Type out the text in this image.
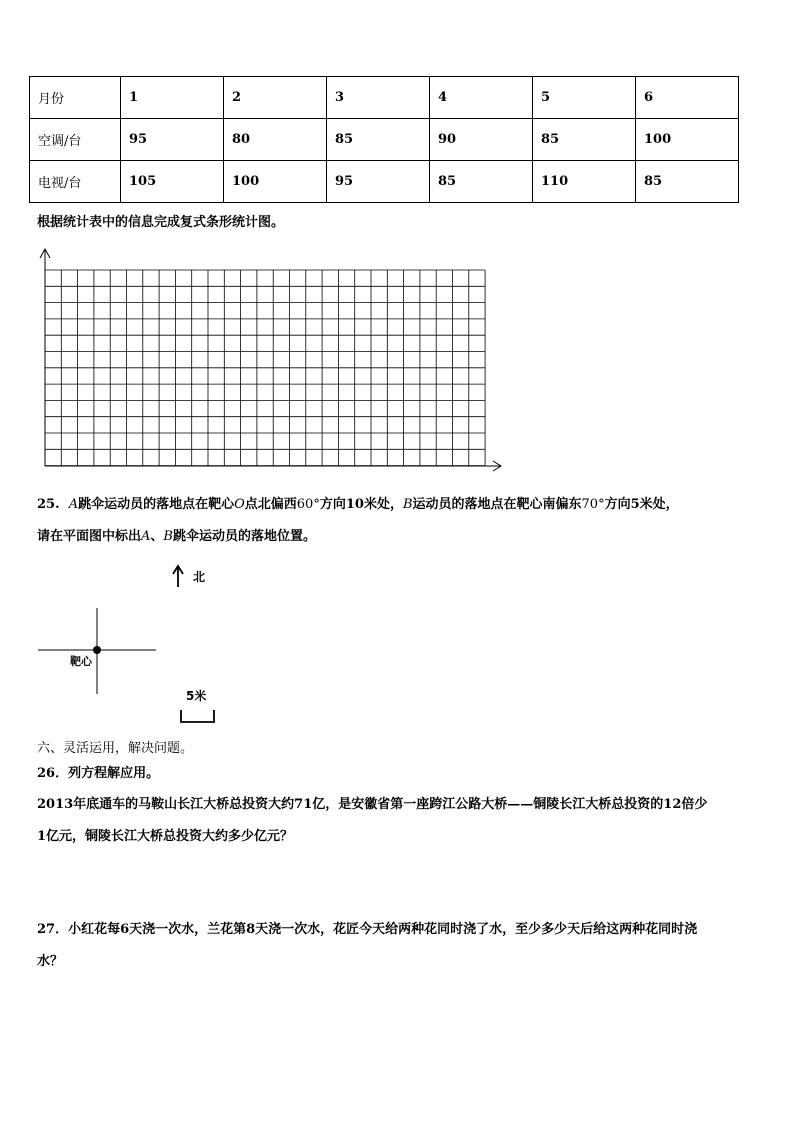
月份	1	2	3	4	5	6
空调/台	95	80	85	90	85	100
电视/台	105	100	95	85	110	85
根据统计表中的信息完成复式条形统计图。
25. A跳伞运动员的落地点在靶心O点北偏西60°方向10米处，B运动员的落地点在靶心南偏东70°方向5米处，
请在平面图中标出A、B跳伞运动员的落地位置。
北
靶心
5米
六、灵活运用，解决问题。
26．列方程解应用。
2013年底通车的马鞍山长江大桥总投资大约71亿，是安徽省第一座跨江公路大桥——铜陵长江大桥总投资的12倍少
1亿元，铜陵长江大桥总投资大约多少亿元？
27．小红花每6天浇一次水，兰花第8天浇一次水，花匠今天给两种花同时浇了水，至少多少天后给这两种花同时浇
水？
